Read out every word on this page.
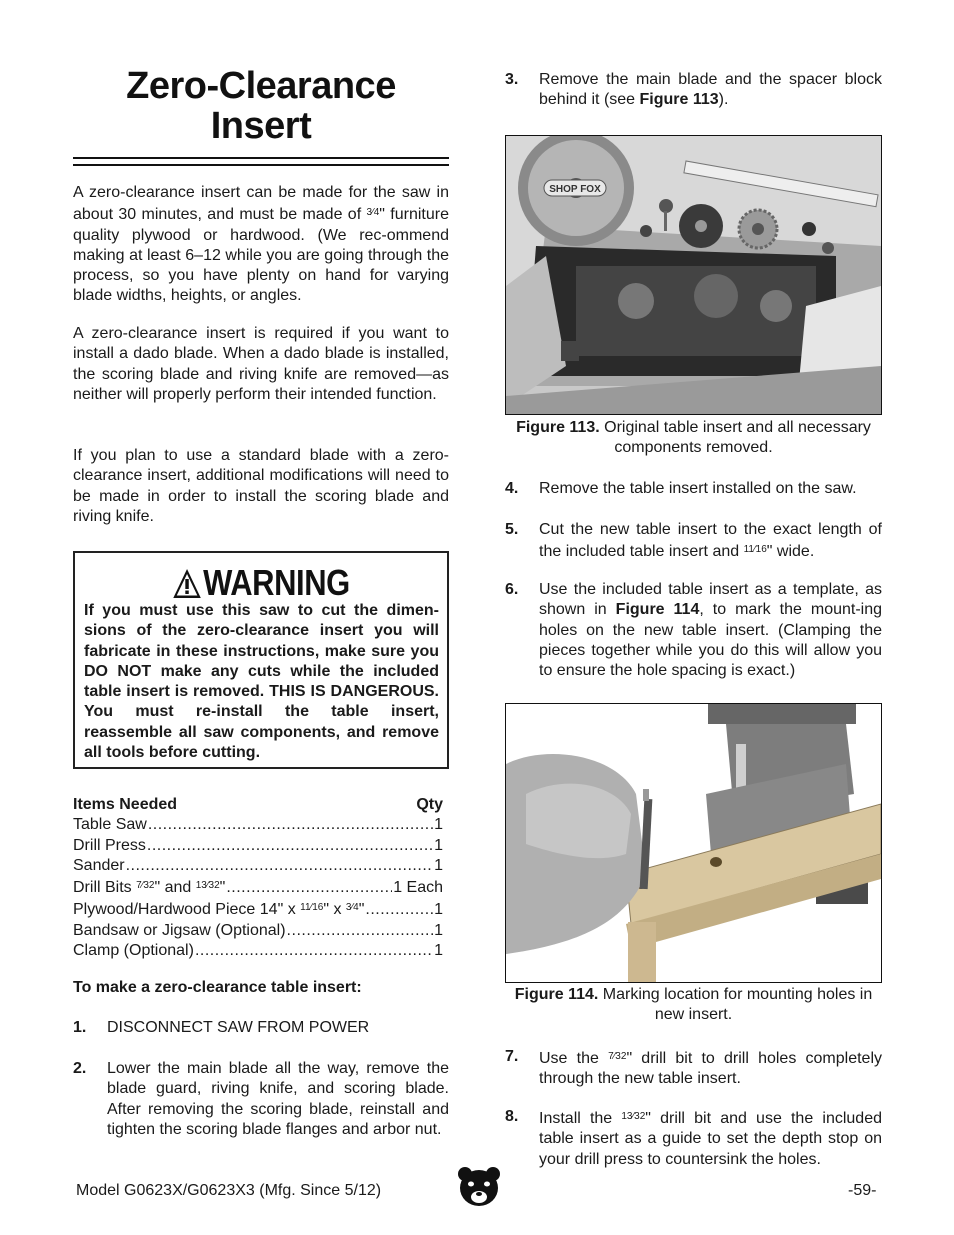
Zero-Clearance
Insert

A zero-clearance insert can be made for the saw in about 30 minutes, and must be made of $^{3⁄4}$" furniture quality plywood or hardwood. (We rec-ommend making at least 6–12 while you are going through the process, so you have plenty on hand for varying blade widths, heights, or angles.

A zero-clearance insert is required if you want to install a dado blade. When a dado blade is installed, the scoring blade and riving knife are removed—as neither will properly perform their intended function.

If you plan to use a standard blade with a zero-clearance insert, additional modifications will need to be made in order to install the scoring blade and riving knife.

WARNING
If you must use this saw to cut the dimen-sions of the zero-clearance insert you will fabricate in these instructions, make sure you DO NOT make any cuts while the included table insert is removed. THIS IS DANGEROUS. You must re-install the table insert, reassemble all saw components, and remove all tools before cutting.
Items Needed	Qty
Table Saw .....	1
Drill Press .....	1
Sander .....	1
Drill Bits $^{7⁄32}$" and $^{13⁄32}$" .....	1 Each
Plywood/Hardwood Piece 14" x $^{11⁄16}$" x $^{3⁄4}$" .....	1
Bandsaw or Jigsaw (Optional) .....	1
Clamp (Optional) .....	1
To make a zero-clearance table insert:
1. DISCONNECT SAW FROM POWER
2. Lower the main blade all the way, remove the blade guard, riving knife, and scoring blade. After removing the scoring blade, reinstall and tighten the scoring blade flanges and arbor nut.
3. Remove the main blade and the spacer block behind it (see Figure 113).
SHOP FOX
Figure 113. Original table insert and all necessary components removed.
4. Remove the table insert installed on the saw.
5. Cut the new table insert to the exact length of the included table insert and $^{11⁄16}$" wide.
6. Use the included table insert as a template, as shown in Figure 114, to mark the mount-ing holes on the new table insert. (Clamping the pieces together while you do this will allow you to ensure the hole spacing is exact.)
Figure 114. Marking location for mounting holes in new insert.
7. Use the $^{7⁄32}$" drill bit to drill holes completely through the new table insert.
8. Install the $^{13⁄32}$" drill bit and use the included table insert as a guide to set the depth stop on your drill press to countersink the holes.
Model G0623X/G0623X3 (Mfg. Since 5/12)	-59-
